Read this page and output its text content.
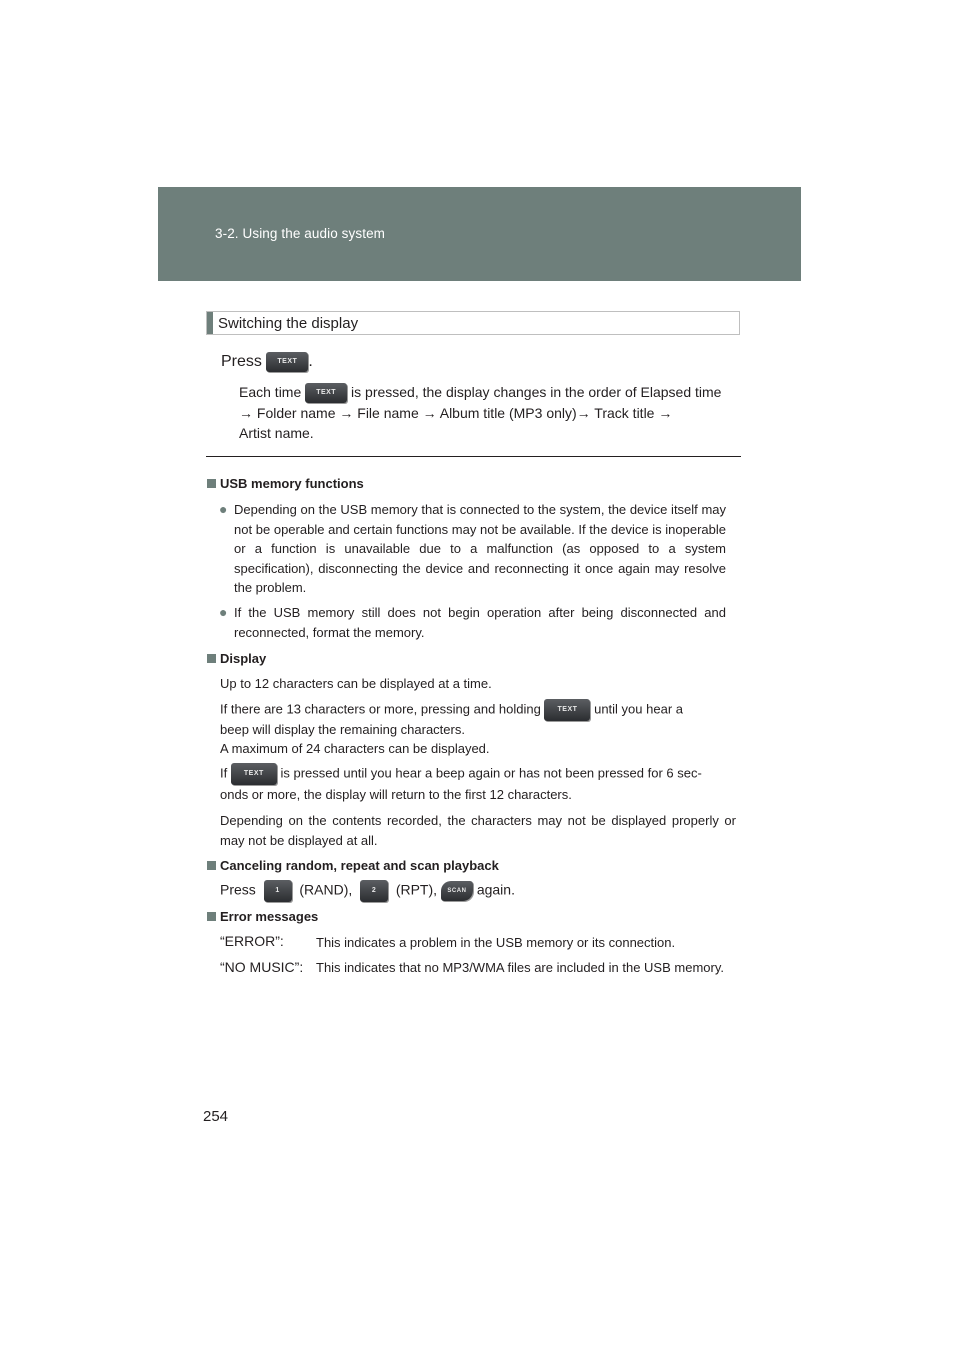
3-2. Using the audio system
Switching the display
Press TEXT .
Each time TEXT is pressed, the display changes in the order of Elapsed time
→ Folder name → File name → Album title (MP3 only)→ Track title →
Artist name.
USB memory functions
● Depending on the USB memory that is connected to the system, the device itself may not be operable and certain functions may not be available. If the device is inoperable or a function is unavailable due to a malfunction (as opposed to a system specification), disconnecting the device and reconnecting it once again may resolve the problem.
● If the USB memory still does not begin operation after being disconnected and reconnected, format the memory.
Display
Up to 12 characters can be displayed at a time.
If there are 13 characters or more, pressing and holding TEXT until you hear a
beep will display the remaining characters.
A maximum of 24 characters can be displayed.
If TEXT is pressed until you hear a beep again or has not been pressed for 6 sec-
onds or more, the display will return to the first 12 characters.
Depending on the contents recorded, the characters may not be displayed properly or may not be displayed at all.
Canceling random, repeat and scan playback
Press	1 (RAND),	2 (RPT), SCAN again.
Error messages
“ERROR”: This indicates a problem in the USB memory or its connection.
“NO MUSIC”: This indicates that no MP3/WMA files are included in the USB memory.
254
